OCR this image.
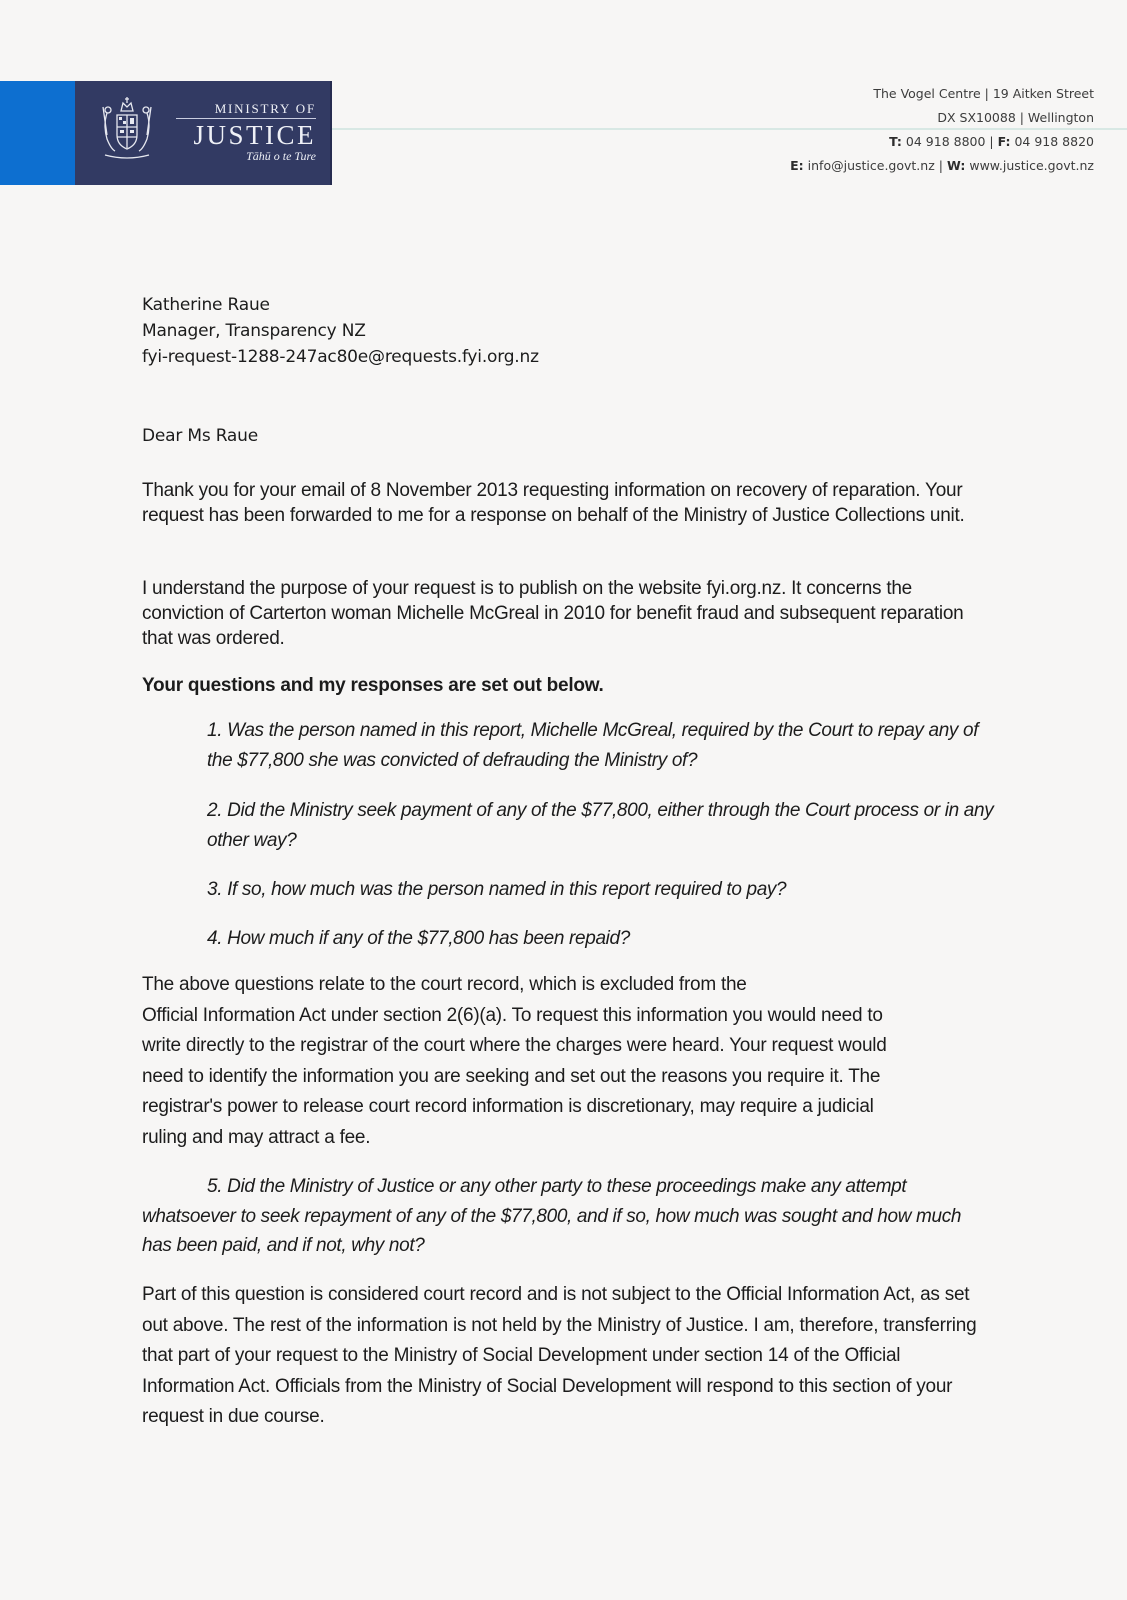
MINISTRY OF
JUSTICE
Tāhū o te Ture
The Vogel Centre | 19 Aitken Street
DX SX10088 | Wellington
T: 04 918 8800 | F: 04 918 8820
E: info@justice.govt.nz | W: www.justice.govt.nz
Katherine Raue
Manager, Transparency NZ
fyi-request-1288-247ac80e@requests.fyi.org.nz
Dear Ms Raue
Thank you for your email of 8 November 2013 requesting information on recovery of reparation. Your request has been forwarded to me for a response on behalf of the Ministry of Justice Collections unit.
I understand the purpose of your request is to publish on the website fyi.org.nz. It concerns the conviction of Carterton woman Michelle McGreal in 2010 for benefit fraud and subsequent reparation that was ordered.
Your questions and my responses are set out below.
1. Was the person named in this report, Michelle McGreal, required by the Court to repay any of the $77,800 she was convicted of defrauding the Ministry of?
2. Did the Ministry seek payment of any of the $77,800, either through the Court process or in any other way?
3. If so, how much was the person named in this report required to pay?
4. How much if any of the $77,800 has been repaid?
The above questions relate to the court record, which is excluded from the
Official Information Act under section 2(6)(a). To request this information you would need to
write directly to the registrar of the court where the charges were heard. Your request would
need to identify the information you are seeking and set out the reasons you require it. The
registrar's power to release court record information is discretionary, may require a judicial
ruling and may attract a fee.
5. Did the Ministry of Justice or any other party to these proceedings make any attempt whatsoever to seek repayment of any of the $77,800, and if so, how much was sought and how much has been paid, and if not, why not?
Part of this question is considered court record and is not subject to the Official Information Act, as set out above. The rest of the information is not held by the Ministry of Justice. I am, therefore, transferring that part of your request to the Ministry of Social Development under section 14 of the Official Information Act. Officials from the Ministry of Social Development will respond to this section of your request in due course.
